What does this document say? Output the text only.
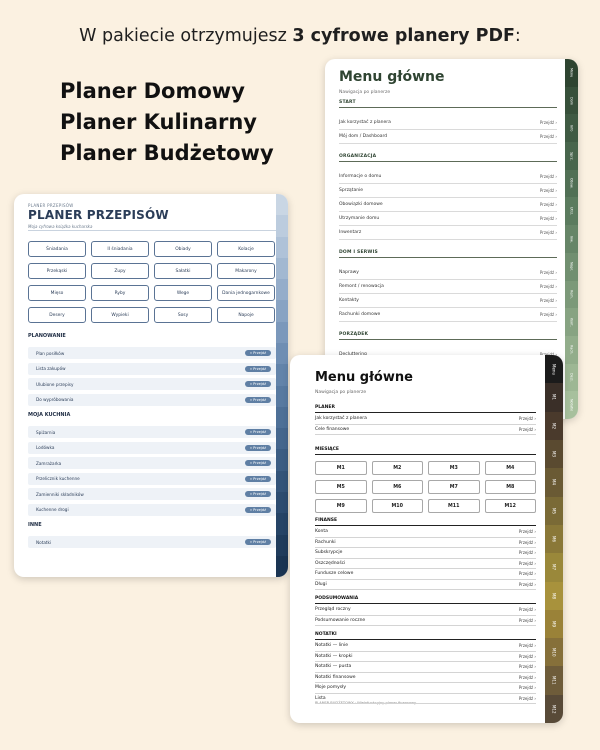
W pakiecie otrzymujesz 3 cyfrowe planery PDF:
Planer Domowy
Planer Kulinarny
Planer Budżetowy
Menu główne
Nawigacja po planerze
Menu
Dom
Info
Sprz.
Obow.
Utrz.
Inw.
Napr.
Rem.
Kont.
Rach.
Decl.
Notatki
START
Jak korzystać z planera	Przejdź ›
Mój dom / Dashboard	Przejdź ›
ORGANIZACJA
Informacje o domu	Przejdź ›
Sprzątanie	Przejdź ›
Obowiązki domowe	Przejdź ›
Utrzymanie domu	Przejdź ›
Inwentarz	Przejdź ›
DOM I SERWIS
Naprawy	Przejdź ›
Remont / renowacja	Przejdź ›
Kontakty	Przejdź ›
Rachunki domowe	Przejdź ›
PORZĄDEK
PLANER PRZEPISÓW
PLANER PRZEPISÓW
Moja cyfrowa książka kucharska
Śniadania	II śniadania	Obiady	Kolacje
Przekąski	Zupy	Sałatki	Makarony
Mięso	Ryby	Wege	Dania jednogarnkowe
Desery	Wypieki	Sosy	Napoje
PLANOWANIE
Plan posiłków	» Przejdź
Lista zakupów	» Przejdź
Ulubione przepisy	» Przejdź
Do wypróbowania	» Przejdź
MOJA KUCHNIA
Spiżarnia	» Przejdź
Lodówka	» Przejdź
Zamrażarka	» Przejdź
Przelicznik kuchenne	» Przejdź
Zamienniki składników	» Przejdź
Kuchenne drogi	» Przejdź
INNE
Notatki	» Przejdź
Menu główne
Nawigacja po planerze
M1	M2	M3	M4
M5	M6	M7	M8
M9	M10	M11	M12
PLANER BUDŻETOWY · Wielofunkcyjny planer finansowy
Menu
M1
M2
M3
M4
M5
M6
M7
M8
M9
M10
M11
M12
PLANER
Jak korzystać z planera	Przejdź ›
Cele finansowe	Przejdź ›
MIESIĄCE
FINANSE
Konta	Przejdź ›
Rachunki	Przejdź ›
Subskrypcje	Przejdź ›
Oszczędności	Przejdź ›
Fundusze celowe	Przejdź ›
Długi	Przejdź ›
PODSUMOWANIA
Przegląd roczny	Przejdź ›
Podsumowanie roczne	Przejdź ›
NOTATKI
Notatki — linie	Przejdź ›
Notatki — kropki	Przejdź ›
Notatki — pusta	Przejdź ›
Notatki finansowe	Przejdź ›
Moje pomysły	Przejdź ›
Lista	Przejdź ›
